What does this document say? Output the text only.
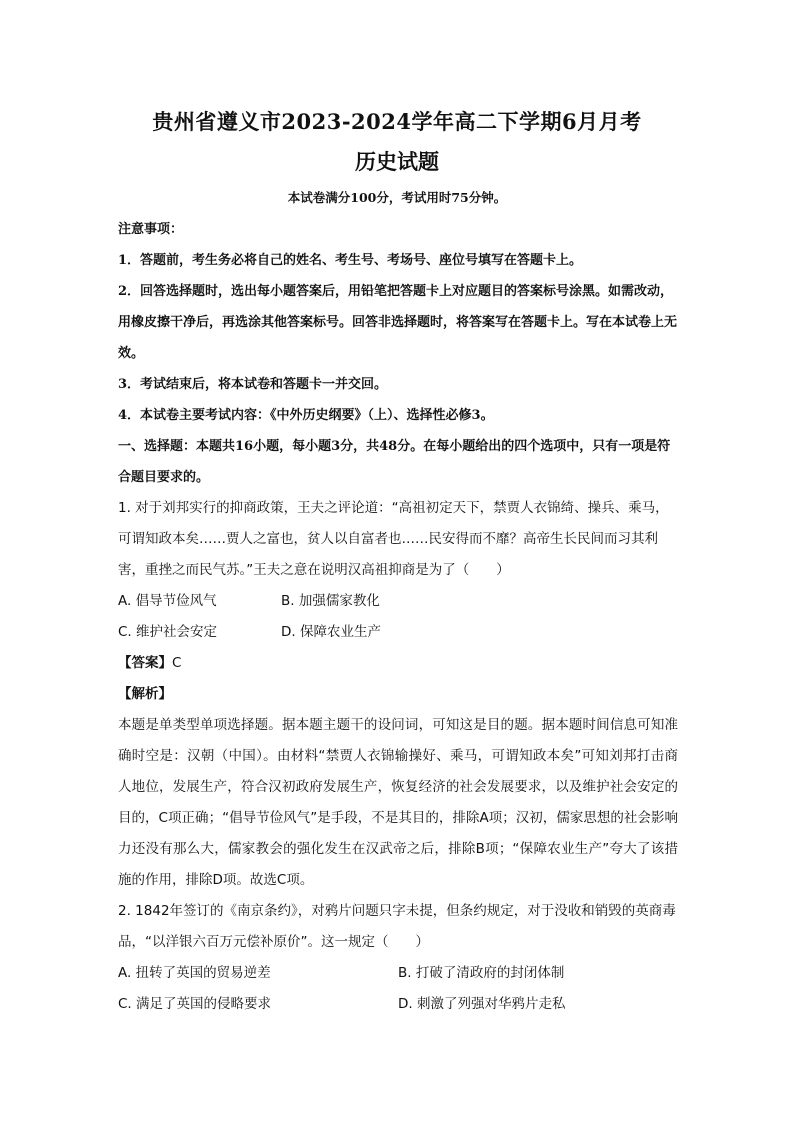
贵州省遵义市2023-2024学年高二下学期6月月考
历史试题
本试卷满分100分，考试用时75分钟。
注意事项：
1．答题前，考生务必将自己的姓名、考生号、考场号、座位号填写在答题卡上。
2．回答选择题时，选出每小题答案后，用铅笔把答题卡上对应题目的答案标号涂黑。如需改动，用橡皮擦干净后，再选涂其他答案标号。回答非选择题时，将答案写在答题卡上。写在本试卷上无效。
3．考试结束后，将本试卷和答题卡一并交回。
4．本试卷主要考试内容：《中外历史纲要》（上）、选择性必修3。
一、选择题：本题共16小题，每小题3分，共48分。在每小题给出的四个选项中，只有一项是符合题目要求的。
1. 对于刘邦实行的抑商政策，王夫之评论道：“高祖初定天下，禁贾人衣锦绮、操兵、乘马，可谓知政本矣……贾人之富也，贫人以自富者也……民安得而不靡？高帝生长民间而习其利害，重挫之而民气苏。”王夫之意在说明汉高祖抑商是为了（　　）
A. 倡导节俭风气	B. 加强儒家教化
C. 维护社会安定	D. 保障农业生产
【答案】C
【解析】
本题是单类型单项选择题。据本题主题干的设问词，可知这是目的题。据本题时间信息可知准确时空是：汉朝（中国）。由材料“禁贾人衣锦输操好、乘马，可谓知政本矣”可知刘邦打击商人地位，发展生产，符合汉初政府发展生产，恢复经济的社会发展要求，以及维护社会安定的目的，C项正确；“倡导节俭风气”是手段，不是其目的，排除A项；汉初，儒家思想的社会影响力还没有那么大，儒家教会的强化发生在汉武帝之后，排除B项；“保障农业生产”夸大了该措施的作用，排除D项。故选C项。
2. 1842年签订的《南京条约》，对鸦片问题只字未提，但条约规定，对于没收和销毁的英商毒品，“以洋银六百万元偿补原价”。这一规定（　　）
A. 扭转了英国的贸易逆差	B. 打破了清政府的封闭体制
C. 满足了英国的侵略要求	D. 刺激了列强对华鸦片走私
